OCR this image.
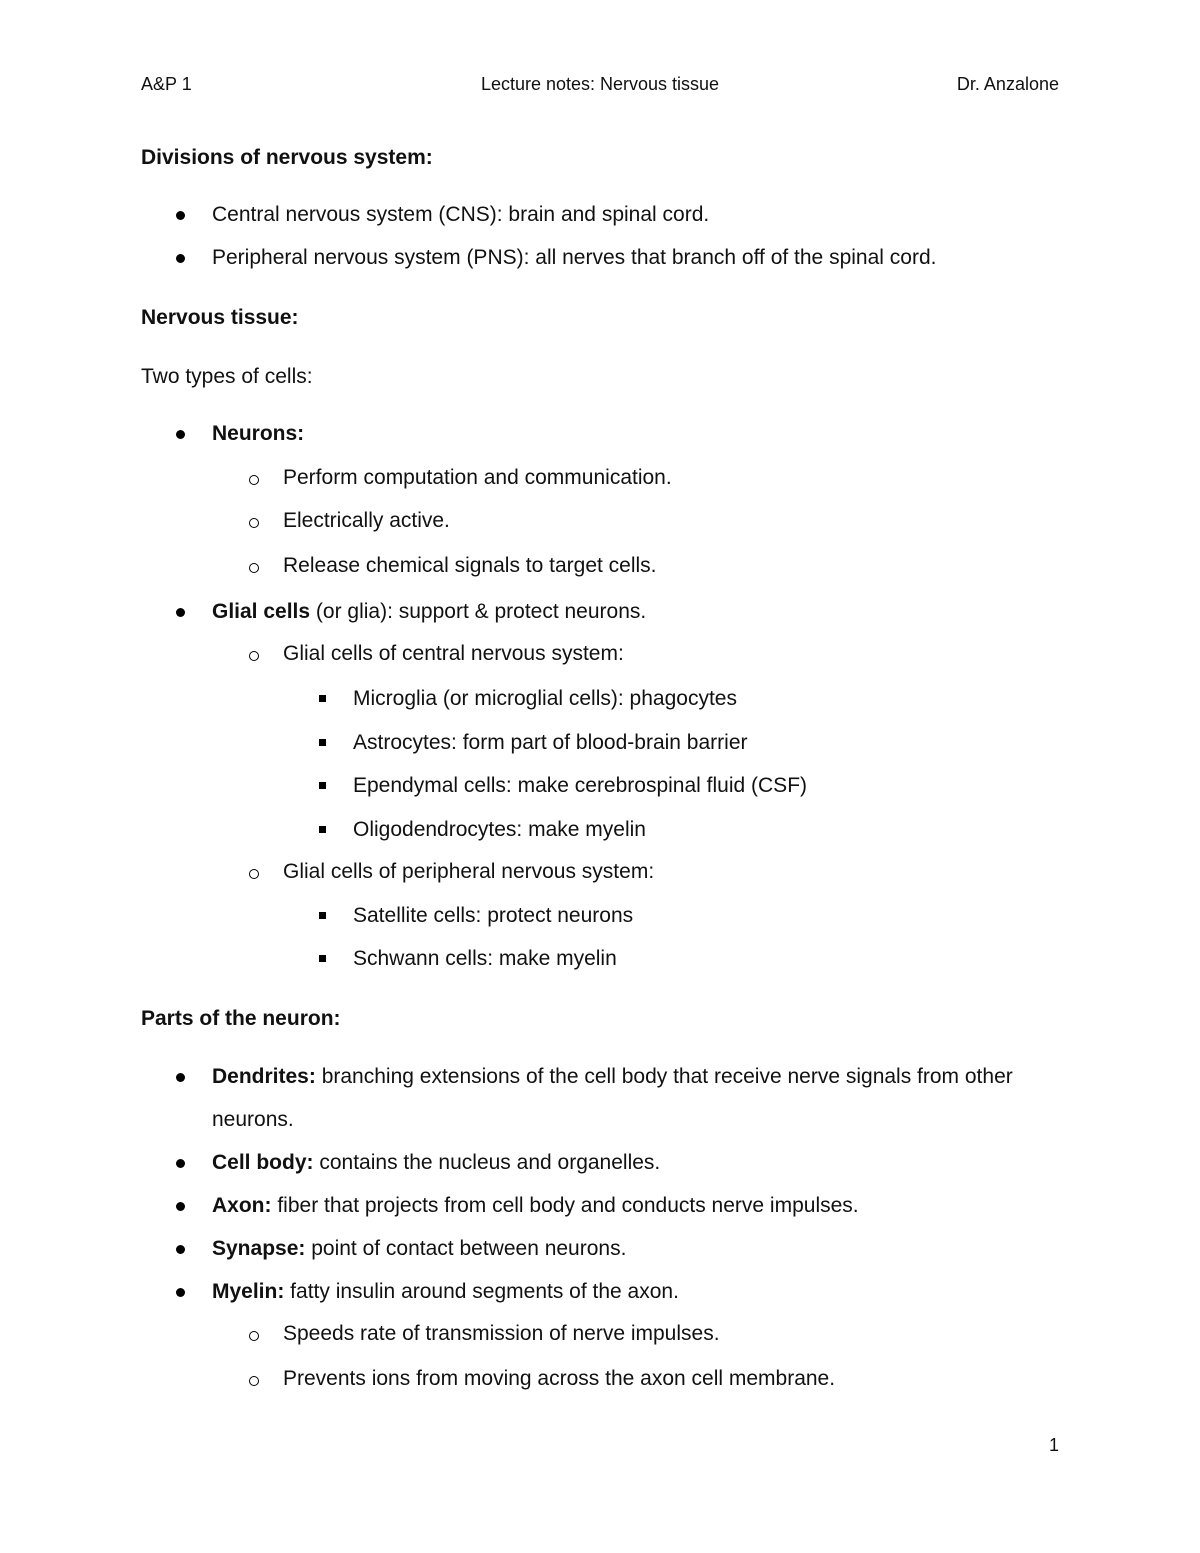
A&P 1	Lecture notes: Nervous tissue	Dr. Anzalone
Divisions of nervous system:
Central nervous system (CNS): brain and spinal cord.
Peripheral nervous system (PNS): all nerves that branch off of the spinal cord.
Nervous tissue:
Two types of cells:
Neurons:
Perform computation and communication.
Electrically active.
Release chemical signals to target cells.
Glial cells (or glia): support & protect neurons.
Glial cells of central nervous system:
Microglia (or microglial cells): phagocytes
Astrocytes: form part of blood-brain barrier
Ependymal cells: make cerebrospinal fluid (CSF)
Oligodendrocytes: make myelin
Glial cells of peripheral nervous system:
Satellite cells: protect neurons
Schwann cells: make myelin
Parts of the neuron:
Dendrites: branching extensions of the cell body that receive nerve signals from other
neurons.
Cell body: contains the nucleus and organelles.
Axon: fiber that projects from cell body and conducts nerve impulses.
Synapse: point of contact between neurons.
Myelin: fatty insulin around segments of the axon.
Speeds rate of transmission of nerve impulses.
Prevents ions from moving across the axon cell membrane.
1
